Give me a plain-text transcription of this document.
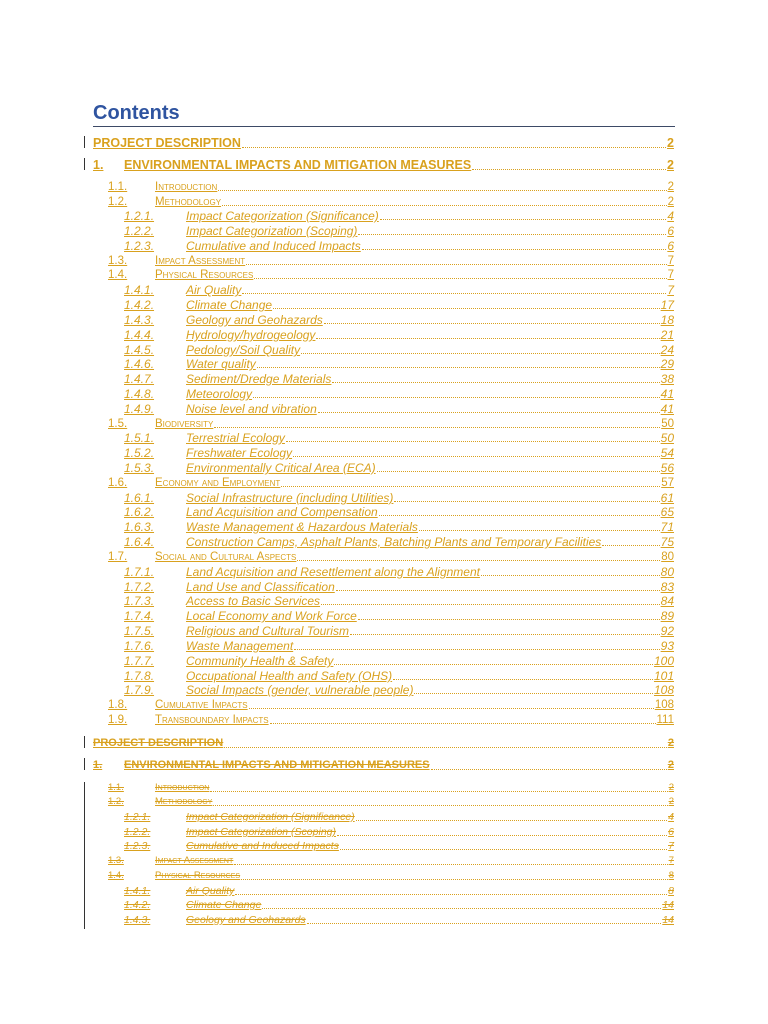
Contents
PROJECT DESCRIPTION	2
1.	ENVIRONMENTAL IMPACTS AND MITIGATION MEASURES	2
1.1.	Introduction	2
1.2.	Methodology	2
1.2.1.	Impact Categorization (Significance)	4
1.2.2.	Impact Categorization (Scoping)	6
1.2.3.	Cumulative and Induced Impacts	6
1.3.	Impact Assessment	7
1.4.	Physical Resources	7
1.4.1.	Air Quality	7
1.4.2.	Climate Change	17
1.4.3.	Geology and Geohazards	18
1.4.4.	Hydrology/hydrogeology	21
1.4.5.	Pedology/Soil Quality	24
1.4.6.	Water quality	29
1.4.7.	Sediment/Dredge Materials	38
1.4.8.	Meteorology	41
1.4.9.	Noise level and vibration	41
1.5.	Biodiversity	50
1.5.1.	Terrestrial Ecology	50
1.5.2.	Freshwater Ecology	54
1.5.3.	Environmentally Critical Area (ECA)	56
1.6.	Economy and Employment	57
1.6.1.	Social Infrastructure (including Utilities)	61
1.6.2.	Land Acquisition and Compensation	65
1.6.3.	Waste Management & Hazardous Materials	71
1.6.4.	Construction Camps, Asphalt Plants, Batching Plants and Temporary Facilities	75
1.7.	Social and Cultural Aspects	80
1.7.1.	Land Acquisition and Resettlement along the Alignment	80
1.7.2.	Land Use and Classification	83
1.7.3.	Access to Basic Services	84
1.7.4.	Local Economy and Work Force	89
1.7.5.	Religious and Cultural Tourism	92
1.7.6.	Waste Management	93
1.7.7.	Community Health & Safety	100
1.7.8.	Occupational Health and Safety (OHS)	101
1.7.9.	Social Impacts (gender, vulnerable people)	108
1.8.	Cumulative Impacts	108
1.9.	Transboundary Impacts	111
PROJECT DESCRIPTION	2
1.	ENVIRONMENTAL IMPACTS AND MITIGATION MEASURES	2
1.1.	Introduction	2
1.2.	Methodology	2
1.2.1.	Impact Categorization (Significance)	4
1.2.2.	Impact Categorization (Scoping)	6
1.2.3.	Cumulative and Induced Impacts	7
1.3.	Impact Assessment	7
1.4.	Physical Resources	8
1.4.1.	Air Quality	8
1.4.2.	Climate Change	14
1.4.3.	Geology and Geohazards	14
